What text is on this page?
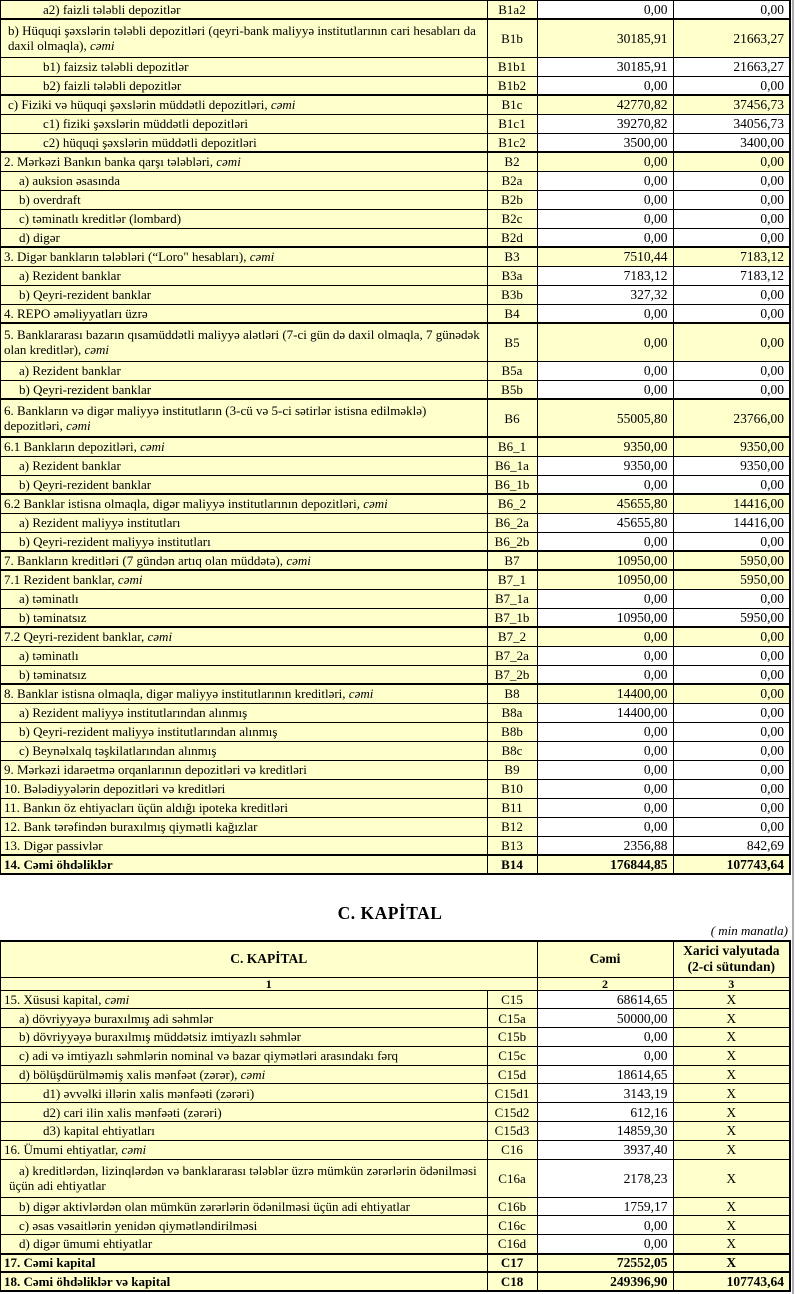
a2) faizli tələbli depozitlər	B1a2	0,00	0,00
b) Hüquqi şəxslərin tələbli depozitləri (qeyri-bank maliyyə institutlarının cari hesabları da daxil olmaqla), cəmi	B1b	30185,91	21663,27
b1) faizsiz tələbli depozitlər	B1b1	30185,91	21663,27
b2) faizli tələbli depozitlər	B1b2	0,00	0,00
c) Fiziki və hüquqi şəxslərin müddətli depozitləri, cəmi	B1c	42770,82	37456,73
c1) fiziki şəxslərin müddətli depozitləri	B1c1	39270,82	34056,73
c2) hüquqi şəxslərin müddətli depozitləri	B1c2	3500,00	3400,00
2. Mərkəzi Bankın banka qarşı tələbləri, cəmi	B2	0,00	0,00
a) auksion əsasında	B2a	0,00	0,00
b) overdraft	B2b	0,00	0,00
c) təminatlı kreditlər (lombard)	B2c	0,00	0,00
d) digər	B2d	0,00	0,00
3. Digər bankların tələbləri (“Loro" hesabları), cəmi	B3	7510,44	7183,12
a) Rezident banklar	B3a	7183,12	7183,12
b) Qeyri-rezident banklar	B3b	327,32	0,00
4. REPO əməliyyatları üzrə	B4	0,00	0,00
5. Banklararası bazarın qısamüddətli maliyyə alətləri (7-ci gün də daxil olmaqla, 7 günədək olan kreditlər), cəmi	B5	0,00	0,00
a) Rezident banklar	B5a	0,00	0,00
b) Qeyri-rezident banklar	B5b	0,00	0,00
6. Bankların və digər maliyyə institutların (3-cü və 5-ci sətirlər istisna edilməklə) depozitləri, cəmi	B6	55005,80	23766,00
6.1 Bankların depozitləri, cəmi	B6_1	9350,00	9350,00
a) Rezident banklar	B6_1a	9350,00	9350,00
b) Qeyri-rezident banklar	B6_1b	0,00	0,00
6.2 Banklar istisna olmaqla, digər maliyyə institutlarının depozitləri, cəmi	B6_2	45655,80	14416,00
a) Rezident maliyyə institutları	B6_2a	45655,80	14416,00
b) Qeyri-rezident maliyyə institutları	B6_2b	0,00	0,00
7. Bankların kreditləri (7 gündən artıq olan müddətə), cəmi	B7	10950,00	5950,00
7.1 Rezident banklar, cəmi	B7_1	10950,00	5950,00
a) təminatlı	B7_1a	0,00	0,00
b) təminatsız	B7_1b	10950,00	5950,00
7.2 Qeyri-rezident banklar, cəmi	B7_2	0,00	0,00
a) təminatlı	B7_2a	0,00	0,00
b) təminatsız	B7_2b	0,00	0,00
8. Banklar istisna olmaqla, digər maliyyə institutlarının kreditləri, cəmi	B8	14400,00	0,00
a) Rezident maliyyə institutlarından alınmış	B8a	14400,00	0,00
b) Qeyri-rezident maliyyə institutlarından alınmış	B8b	0,00	0,00
c) Beynəlxalq təşkilatlarından alınmış	B8c	0,00	0,00
9. Mərkəzi idarəetmə orqanlarının depozitləri və kreditləri	B9	0,00	0,00
10. Bələdiyyələrin depozitləri və kreditləri	B10	0,00	0,00
11. Bankın öz ehtiyacları üçün aldığı ipoteka kreditləri	B11	0,00	0,00
12. Bank tərəfindən buraxılmış qiymətli kağızlar	B12	0,00	0,00
13. Digər passivlər	B13	2356,88	842,69
14. Cəmi öhdəliklər	B14	176844,85	107743,64
C. KAPİTAL
( min manatla)
C. KAPİTAL		Cəmi	Xarici valyutada (2-ci sütundan)
1		2	3
15. Xüsusi kapital, cəmi	C15	68614,65	X
a) dövriyyəyə buraxılmış adi səhmlər	C15a	50000,00	X
b) dövriyyəyə buraxılmış müddətsiz imtiyazlı səhmlər	C15b	0,00	X
c) adi və imtiyazlı səhmlərin nominal və bazar qiymətləri arasındakı fərq	C15c	0,00	X
d) bölüşdürülməmiş xalis mənfəət (zərər), cəmi	C15d	18614,65	X
d1) əvvəlki illərin xalis mənfəəti (zərəri)	C15d1	3143,19	X
d2) cari ilin xalis mənfəəti (zərəri)	C15d2	612,16	X
d3) kapital ehtiyatları	C15d3	14859,30	X
16. Ümumi ehtiyatlar, cəmi	C16	3937,40	X
a) kreditlərdən, lizinqlərdən və banklararası tələblər üzrə mümkün zərərlərin ödənilməsi üçün adi ehtiyatlar	C16a	2178,23	X
b) digər aktivlərdən olan mümkün zərərlərin ödənilməsi üçün adi ehtiyatlar	C16b	1759,17	X
c) əsas vəsaitlərin yenidən qiymətləndirilməsi	C16c	0,00	X
d) digər ümumi ehtiyatlar	C16d	0,00	X
17. Cəmi kapital	C17	72552,05	X
18. Cəmi öhdəliklər və kapital	C18	249396,90	107743,64
